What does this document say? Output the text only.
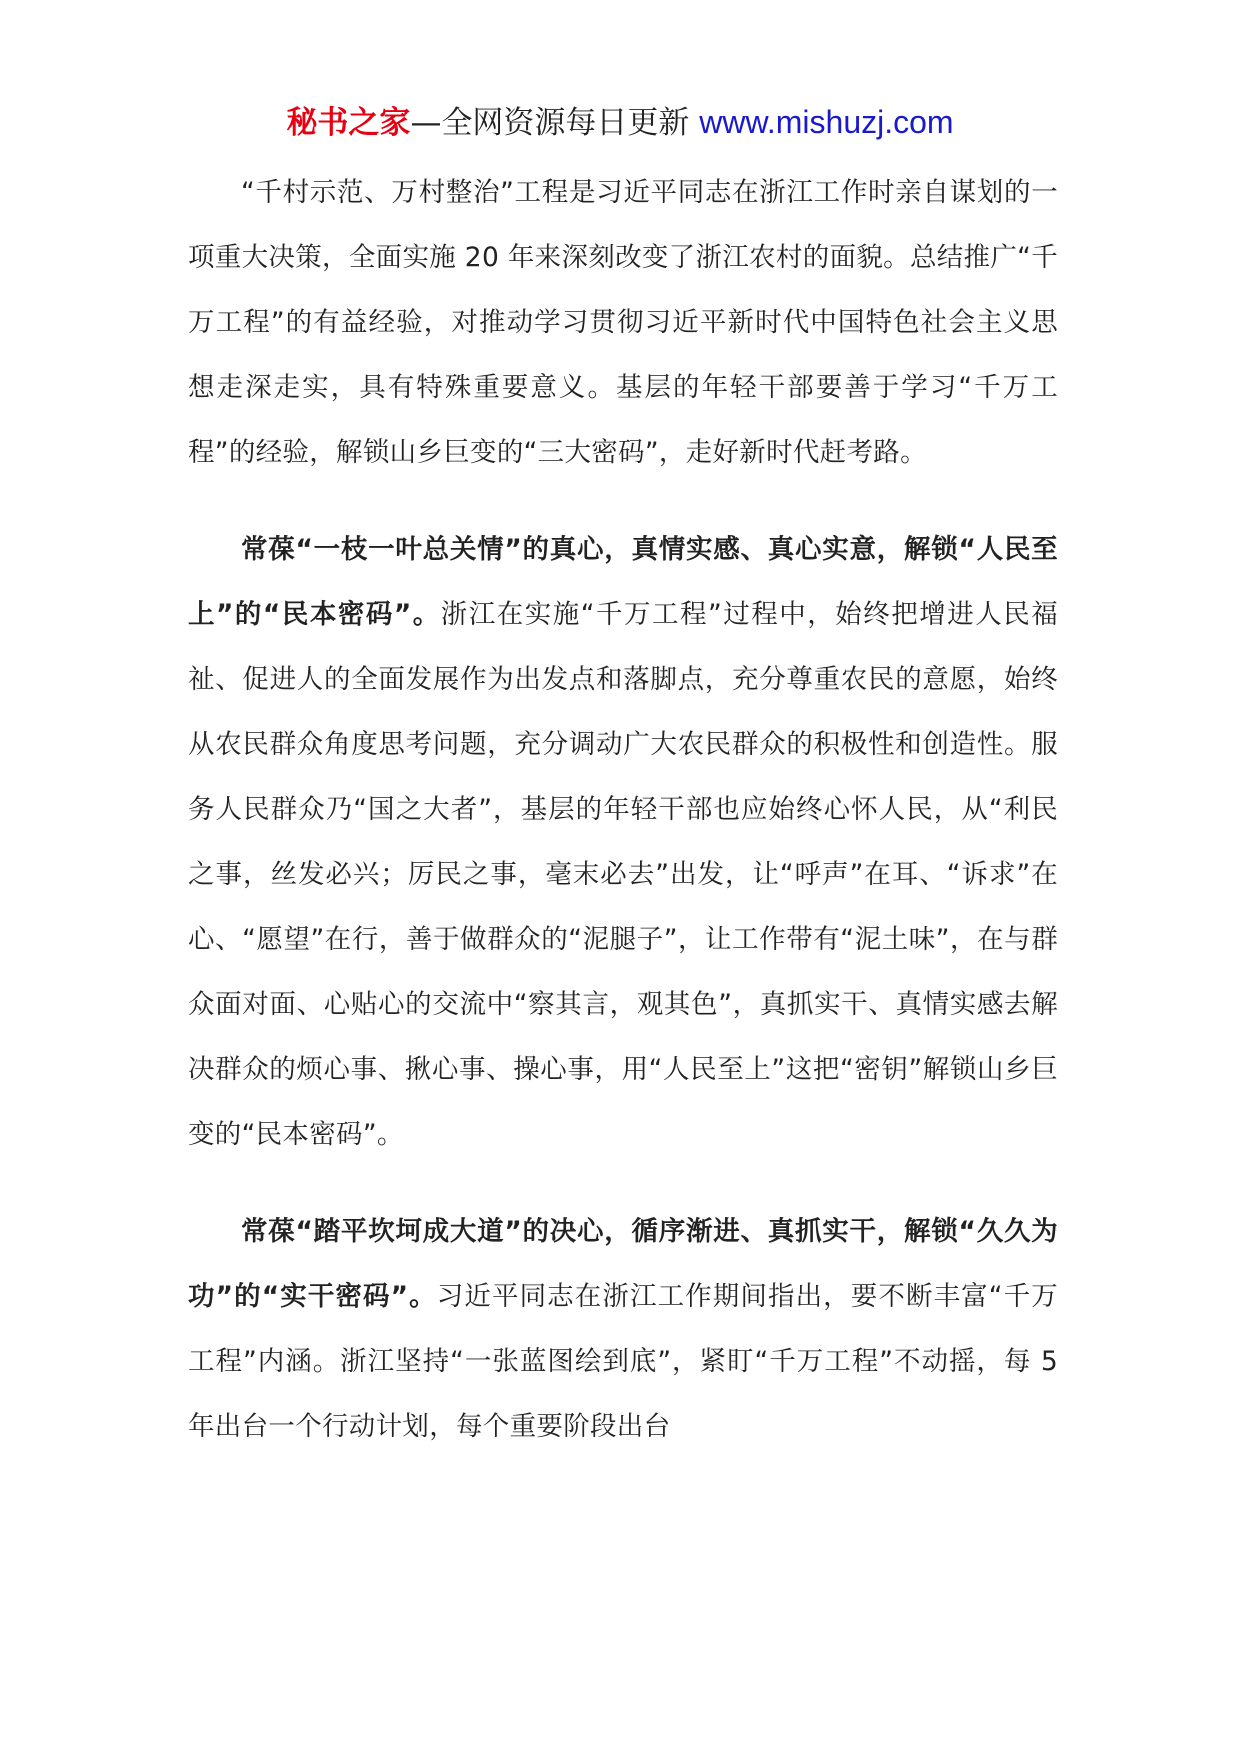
秘书之家—全网资源每日更新 www.mishuzj.com

“千村示范、万村整治”工程是习近平同志在浙江工作时亲自谋划的一项重大决策，全面实施 20 年来深刻改变了浙江农村的面貌。总结推广“千万工程”的有益经验，对推动学习贯彻习近平新时代中国特色社会主义思想走深走实，具有特殊重要意义。基层的年轻干部要善于学习“千万工程”的经验，解锁山乡巨变的“三大密码”，走好新时代赶考路。

常葆“一枝一叶总关情”的真心，真情实感、真心实意，解锁“人民至上”的“民本密码”。浙江在实施“千万工程”过程中，始终把增进人民福祉、促进人的全面发展作为出发点和落脚点，充分尊重农民的意愿，始终从农民群众角度思考问题，充分调动广大农民群众的积极性和创造性。服务人民群众乃“国之大者”，基层的年轻干部也应始终心怀人民，从“利民之事，丝发必兴；厉民之事，毫末必去”出发，让“呼声”在耳、“诉求”在心、“愿望”在行，善于做群众的“泥腿子”，让工作带有“泥土味”，在与群众面对面、心贴心的交流中“察其言，观其色”，真抓实干、真情实感去解决群众的烦心事、揪心事、操心事，用“人民至上”这把“密钥”解锁山乡巨变的“民本密码”。

常葆“踏平坎坷成大道”的决心，循序渐进、真抓实干，解锁“久久为功”的“实干密码”。习近平同志在浙江工作期间指出，要不断丰富“千万工程”内涵。浙江坚持“一张蓝图绘到底”，紧盯“千万工程”不动摇，每 5 年出台一个行动计划，每个重要阶段出台
